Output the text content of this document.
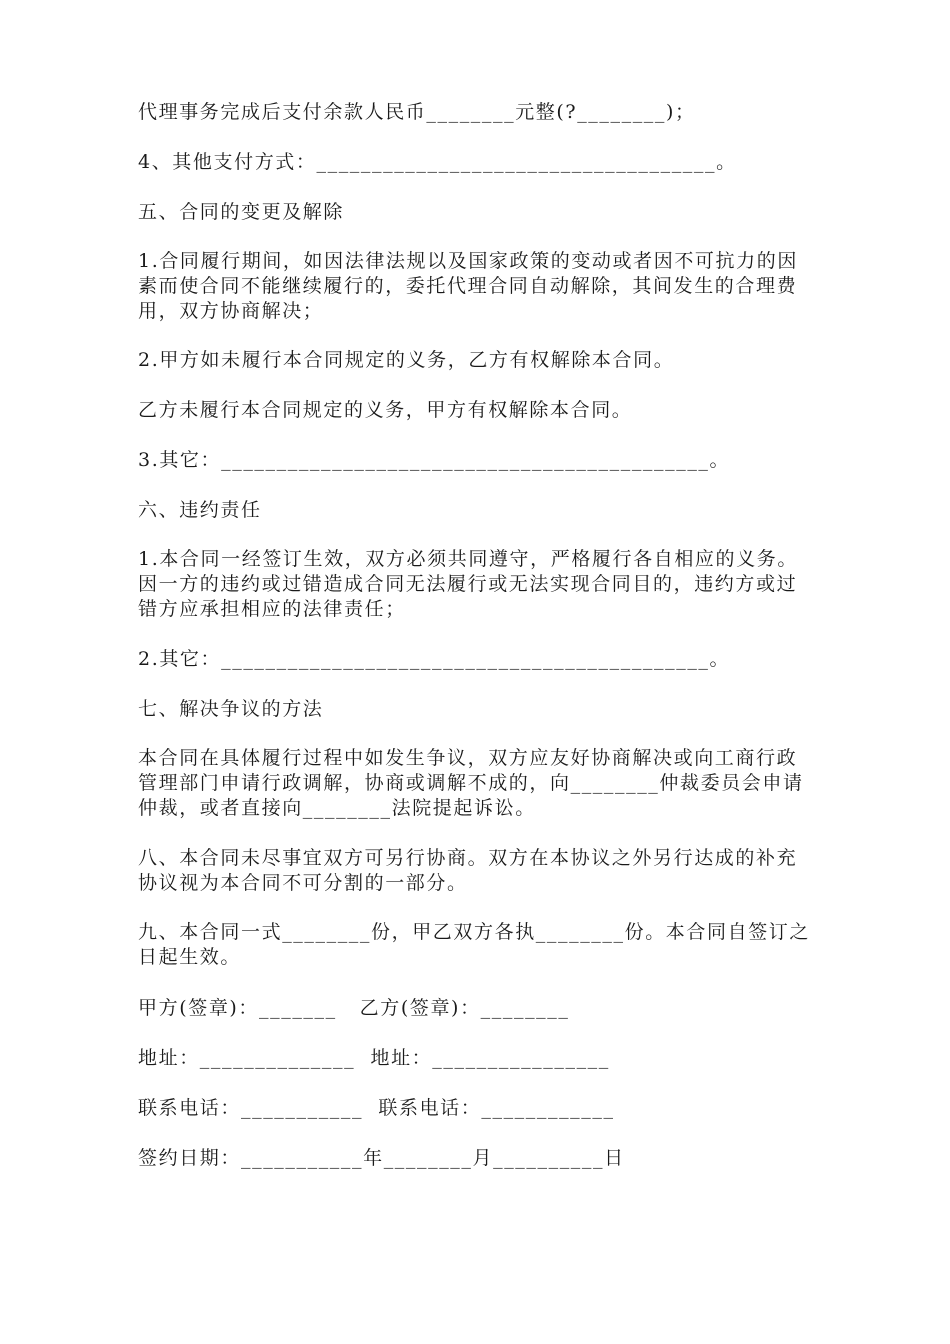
代理事务完成后支付余款人民币________元整(?________)；

4、其他支付方式：____________________________________。

五、合同的变更及解除

1.合同履行期间，如因法律法规以及国家政策的变动或者因不可抗力的因素而使合同不能继续履行的，委托代理合同自动解除，其间发生的合理费用，双方协商解决；

2.甲方如未履行本合同规定的义务，乙方有权解除本合同。

乙方未履行本合同规定的义务，甲方有权解除本合同。

3.其它：____________________________________________。

六、违约责任

1.本合同一经签订生效，双方必须共同遵守，严格履行各自相应的义务。因一方的违约或过错造成合同无法履行或无法实现合同目的，违约方或过错方应承担相应的法律责任；

2.其它：____________________________________________。

七、解决争议的方法

本合同在具体履行过程中如发生争议，双方应友好协商解决或向工商行政管理部门申请行政调解，协商或调解不成的，向________仲裁委员会申请仲裁，或者直接向________法院提起诉讼。

八、本合同未尽事宜双方可另行协商。双方在本协议之外另行达成的补充协议视为本合同不可分割的一部分。

九、本合同一式________份，甲乙双方各执________份。本合同自签订之日起生效。

甲方(签章)：_______   乙方(签章)：________

地址：______________  地址：________________

联系电话：___________  联系电话：____________

签约日期：___________年________月__________日
